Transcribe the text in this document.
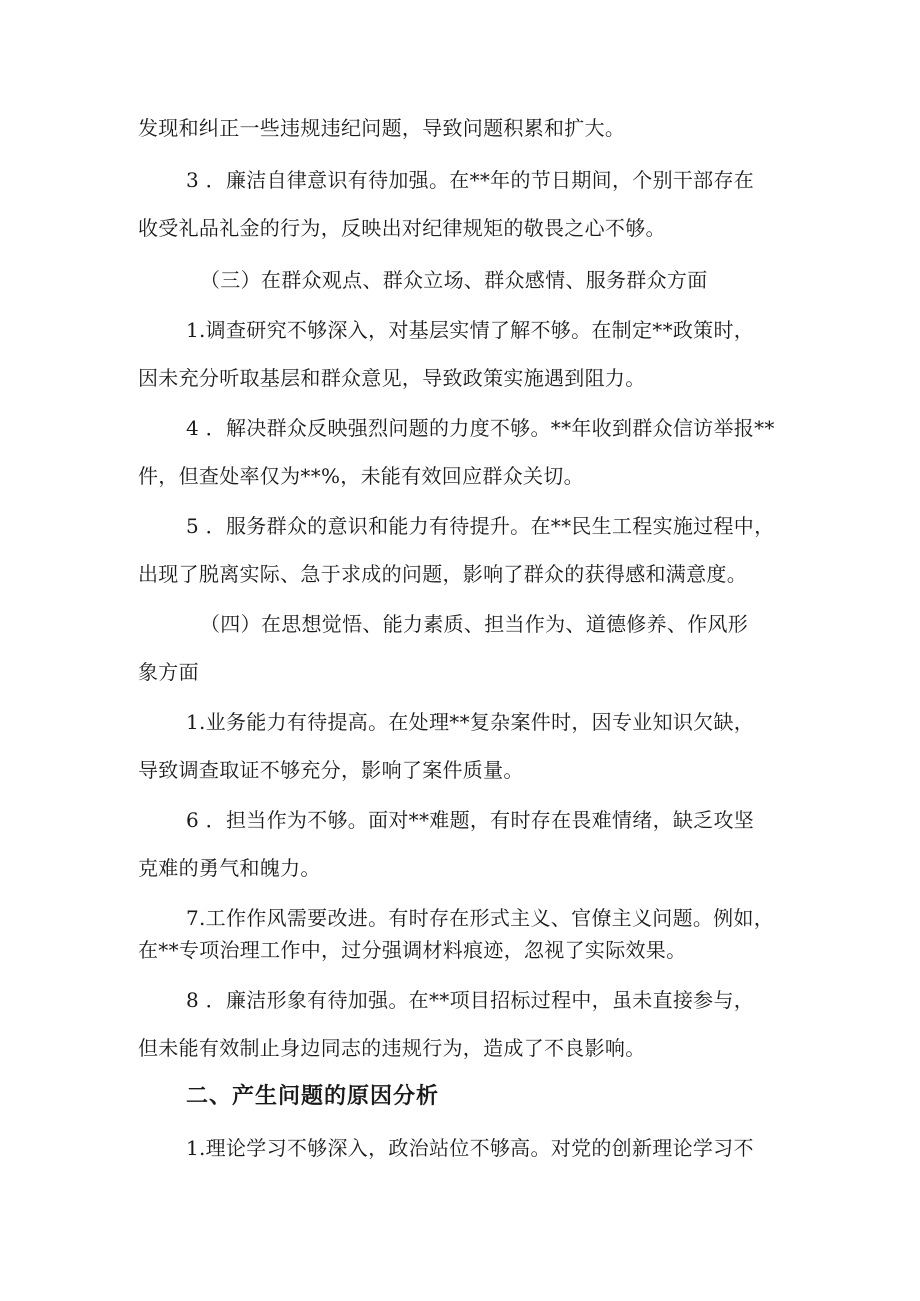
发现和纠正一些违规违纪问题，导致问题积累和扩大。
3 ．廉洁自律意识有待加强。在**年的节日期间，个别干部存在
收受礼品礼金的行为，反映出对纪律规矩的敬畏之心不够。
（三）在群众观点、群众立场、群众感情、服务群众方面
1.调查研究不够深入，对基层实情了解不够。在制定**政策时，
因未充分听取基层和群众意见，导致政策实施遇到阻力。
4 ．解决群众反映强烈问题的力度不够。**年收到群众信访举报**
件，但查处率仅为**%，未能有效回应群众关切。
5 ．服务群众的意识和能力有待提升。在**民生工程实施过程中，
出现了脱离实际、急于求成的问题，影响了群众的获得感和满意度。
（四）在思想觉悟、能力素质、担当作为、道德修养、作风形
象方面
1.业务能力有待提高。在处理**复杂案件时，因专业知识欠缺，
导致调查取证不够充分，影响了案件质量。
6 ．担当作为不够。面对**难题，有时存在畏难情绪，缺乏攻坚
克难的勇气和魄力。
7.工作作风需要改进。有时存在形式主义、官僚主义问题。例如，
在**专项治理工作中，过分强调材料痕迹，忽视了实际效果。
8 ．廉洁形象有待加强。在**项目招标过程中，虽未直接参与，
但未能有效制止身边同志的违规行为，造成了不良影响。
二、产生问题的原因分析
1.理论学习不够深入，政治站位不够高。对党的创新理论学习不
